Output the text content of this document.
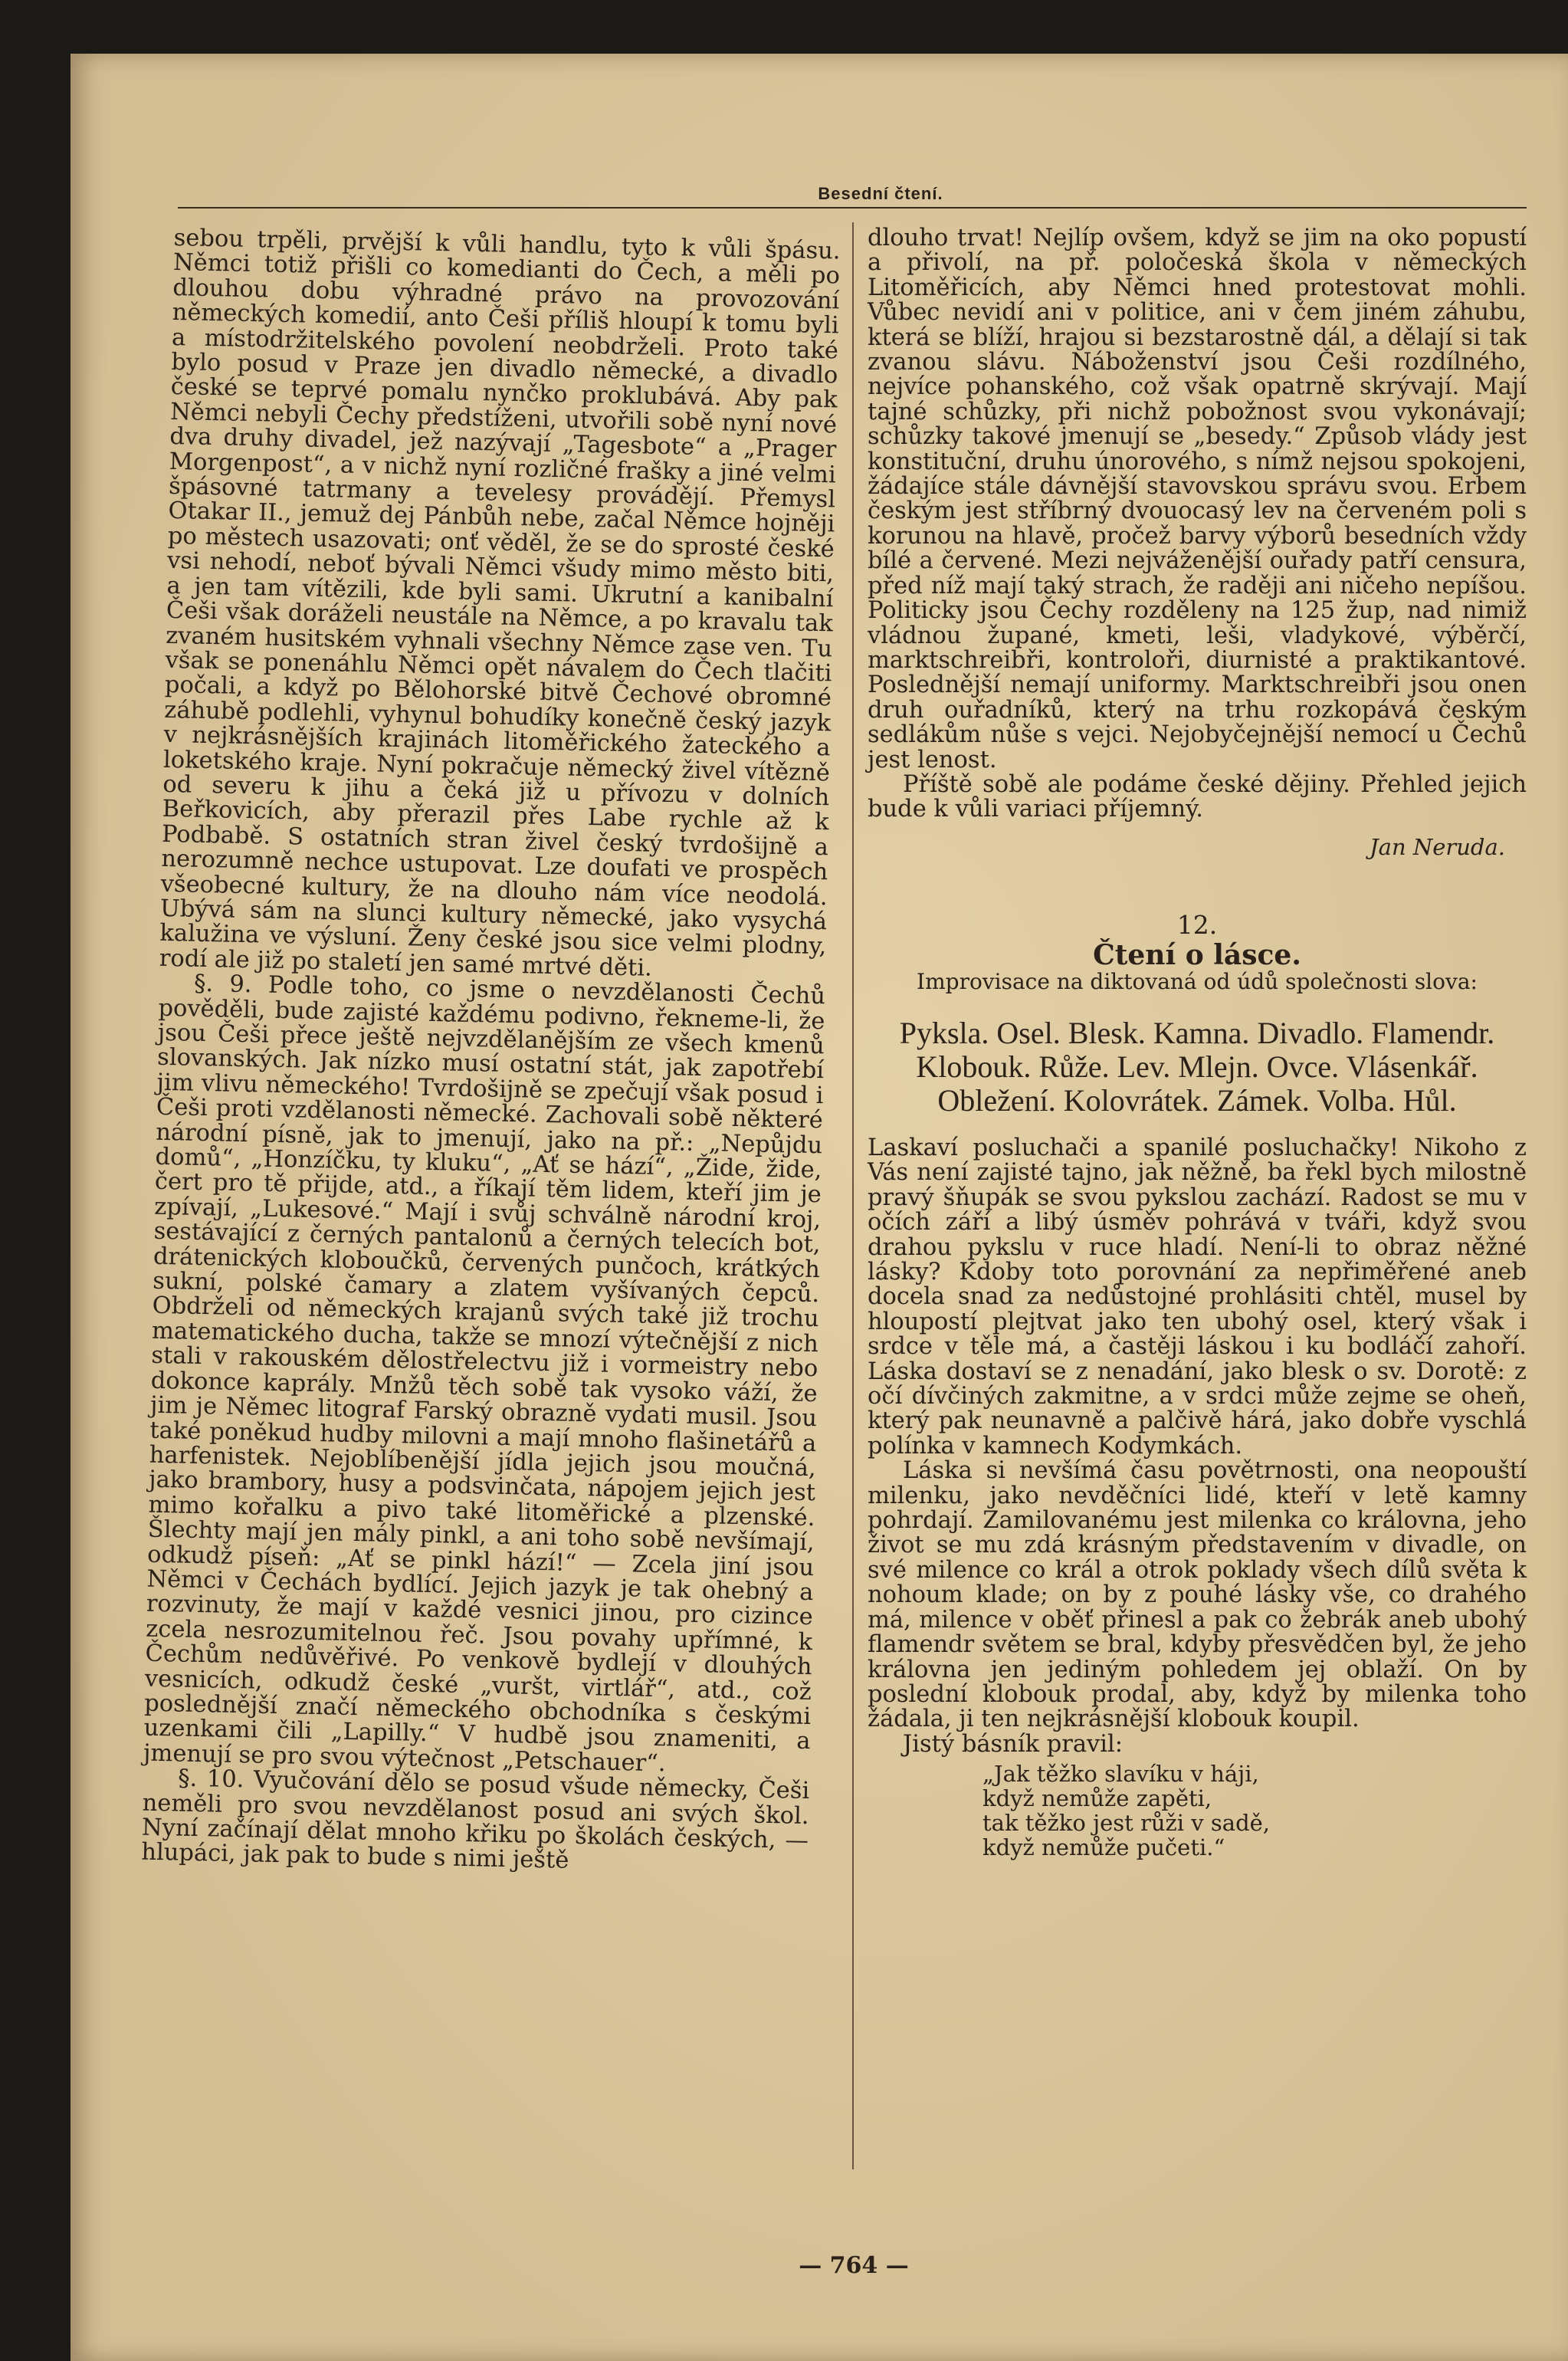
Besední čtení.

sebou trpěli, prvější k vůli handlu, tyto k vůli špásu. Němci totiž přišli co komedianti do Čech, a měli po dlouhou dobu výhradné právo na provozování německých komedií, anto Češi příliš hloupí k tomu byli a místodržitelského povolení neobdrželi. Proto také bylo posud v Praze jen divadlo německé, a divadlo české se teprvé pomalu nynčko proklubává. Aby pak Němci nebyli Čechy předstíženi, utvořili sobě nyní nové dva druhy divadel, jež nazývají „Tagesbote“ a „Prager Morgenpost“, a v nichž nyní rozličné frašky a jiné velmi špásovné tatrmany a tevelesy provádějí. Přemysl Otakar II., jemuž dej Pánbůh nebe, začal Němce hojněji po městech usazovati; onť věděl, že se do sprosté české vsi nehodí, neboť bývali Němci všudy mimo město biti, a jen tam vítězili, kde byli sami. Ukrutní a kanibalní Češi však doráželi neustále na Němce, a po kravalu tak zvaném husitském vyhnali všechny Němce zase ven. Tu však se ponenáhlu Němci opět návalem do Čech tlačiti počali, a když po Bělohorské bitvě Čechové obromné záhubě podlehli, vyhynul bohudíky konečně český jazyk v nejkrásnějších krajinách litoměřického žateckého a loketského kraje. Nyní pokračuje německý živel vítězně od severu k jihu a čeká již u přívozu v dolních Beřkovicích, aby přerazil přes Labe rychle až k Podbabě. S ostatních stran živel český tvrdošijně a nerozumně nechce ustupovat. Lze doufati ve prospěch všeobecné kultury, že na dlouho nám více neodolá. Ubývá sám na slunci kultury německé, jako vysychá kalužina ve výsluní. Ženy české jsou sice velmi plodny, rodí ale již po staletí jen samé mrtvé děti.

§. 9. Podle toho, co jsme o nevzdělanosti Čechů pověděli, bude zajisté každému podivno, řekneme-li, že jsou Češi přece ještě nejvzdělanějším ze všech kmenů slovanských. Jak nízko musí ostatní stát, jak zapotřebí jim vlivu německého! Tvrdošijně se zpečují však posud i Češi proti vzdělanosti německé. Zachovali sobě některé národní písně, jak to jmenují, jako na př.: „Nepůjdu domů“, „Honzíčku, ty kluku“, „Ať se hází“, „Žide, žide, čert pro tě přijde, atd., a říkají těm lidem, kteří jim je zpívají, „Lukesové.“ Mají i svůj schválně národní kroj, sestávající z černých pantalonů a černých telecích bot, drátenických kloboučků, červených punčoch, krátkých sukní, polské čamary a zlatem vyšívaných čepců. Obdrželi od německých krajanů svých také již trochu matematického ducha, takže se mnozí výtečnější z nich stali v rakouském dělostřelectvu již i vormeistry nebo dokonce kaprály. Mnžů těch sobě tak vysoko váží, že jim je Němec litograf Farský obrazně vydati musil. Jsou také poněkud hudby milovni a mají mnoho flašinetářů a harfenistek. Nejoblíbenější jídla jejich jsou moučná, jako brambory, husy a podsvinčata, nápojem jejich jest mimo kořalku a pivo také litoměřické a plzenské. Šlechty mají jen mály pinkl, a ani toho sobě nevšímají, odkudž píseň: „Ať se pinkl hází!“ — Zcela jiní jsou Němci v Čechách bydlící. Jejich jazyk je tak ohebný a rozvinuty, že mají v každé vesnici jinou, pro cizince zcela nesrozumitelnou řeč. Jsou povahy upřímné, k Čechům nedůvěřivé. Po venkově bydlejí v dlouhých vesnicích, odkudž české „vuršt, virtlář“, atd., což poslednější značí německého obchodníka s českými uzenkami čili „Lapilly.“ V hudbě jsou znameniti, a jmenují se pro svou výtečnost „Petschauer“.

§. 10. Vyučování dělo se posud všude německy, Češi neměli pro svou nevzdělanost posud ani svých škol. Nyní začínají dělat mnoho křiku po školách českých, — hlupáci, jak pak to bude s nimi ještě

dlouho trvat! Nejlíp ovšem, když se jim na oko popustí a přivolí, na př. poločeská škola v německých Litoměřicích, aby Němci hned protestovat mohli. Vůbec nevidí ani v politice, ani v čem jiném záhubu, která se blíží, hrajou si bezstarostně dál, a dělají si tak zvanou slávu. Náboženství jsou Češi rozdílného, nejvíce pohanského, což však opatrně skrývají. Mají tajné schůzky, při nichž pobožnost svou vykonávají; schůzky takové jmenují se „besedy.“ Způsob vlády jest konstituční, druhu únorového, s nímž nejsou spokojeni, žádajíce stále dávnější stavovskou správu svou. Erbem českým jest stříbrný dvouocasý lev na červeném poli s korunou na hlavě, pročež barvy výborů besedních vždy bílé a červené. Mezi nejváženější ouřady patří censura, před níž mají taký strach, že raději ani ničeho nepíšou. Politicky jsou Čechy rozděleny na 125 žup, nad nimiž vládnou župané, kmeti, leši, vladykové, výběrčí, marktschreibři, kontroloři, diurnisté a praktikantové. Poslednější nemají uniformy. Marktschreibři jsou onen druh ouřadníků, který na trhu rozkopává českým sedlákům nůše s vejci. Nejobyčejnější nemocí u Čechů jest lenost.

Příště sobě ale podáme české dějiny. Přehled jejich bude k vůli variaci příjemný.

Jan Neruda.
12.
Čtení o lásce.
Improvisace na diktovaná od údů společnosti slova:
Pyksla. Osel. Blesk. Kamna. Divadlo. Flamendr. Klobouk. Růže. Lev. Mlejn. Ovce. Vlásenkář. Obležení. Kolovrátek. Zámek. Volba. Hůl.

Laskaví posluchači a spanilé posluchačky! Nikoho z Vás není zajisté tajno, jak něžně, ba řekl bych milostně pravý šňupák se svou pykslou zachází. Radost se mu v očích září a libý úsměv pohrává v tváři, když svou drahou pykslu v ruce hladí. Není-li to obraz něžné lásky? Kdoby toto porovnání za nepřiměřené aneb docela snad za nedůstojné prohlásiti chtěl, musel by hloupostí plejtvat jako ten ubohý osel, který však i srdce v těle má, a častěji láskou i ku bodláčí zahoří. Láska dostaví se z nenadání, jako blesk o sv. Dorotě: z očí dívčiných zakmitne, a v srdci může zejme se oheň, který pak neunavně a palčivě hárá, jako dobře vyschlá polínka v kamnech Kodymkách.

Láska si nevšímá času povětrnosti, ona neopouští milenku, jako nevděčníci lidé, kteří v letě kamny pohrdají. Zamilovanému jest milenka co královna, jeho život se mu zdá krásným představením v divadle, on své milence co král a otrok poklady všech dílů světa k nohoum klade; on by z pouhé lásky vše, co drahého má, milence v oběť přinesl a pak co žebrák aneb ubohý flamendr světem se bral, kdyby přesvědčen byl, že jeho královna jen jediným pohledem jej oblaží. On by poslední klobouk prodal, aby, když by milenka toho žádala, ji ten nejkrásnější klobouk koupil.

Jistý básník pravil:

„Jak těžko slavíku v háji,
když nemůže zapěti,
tak těžko jest růži v sadě,
když nemůže pučeti.“
— 764 —
